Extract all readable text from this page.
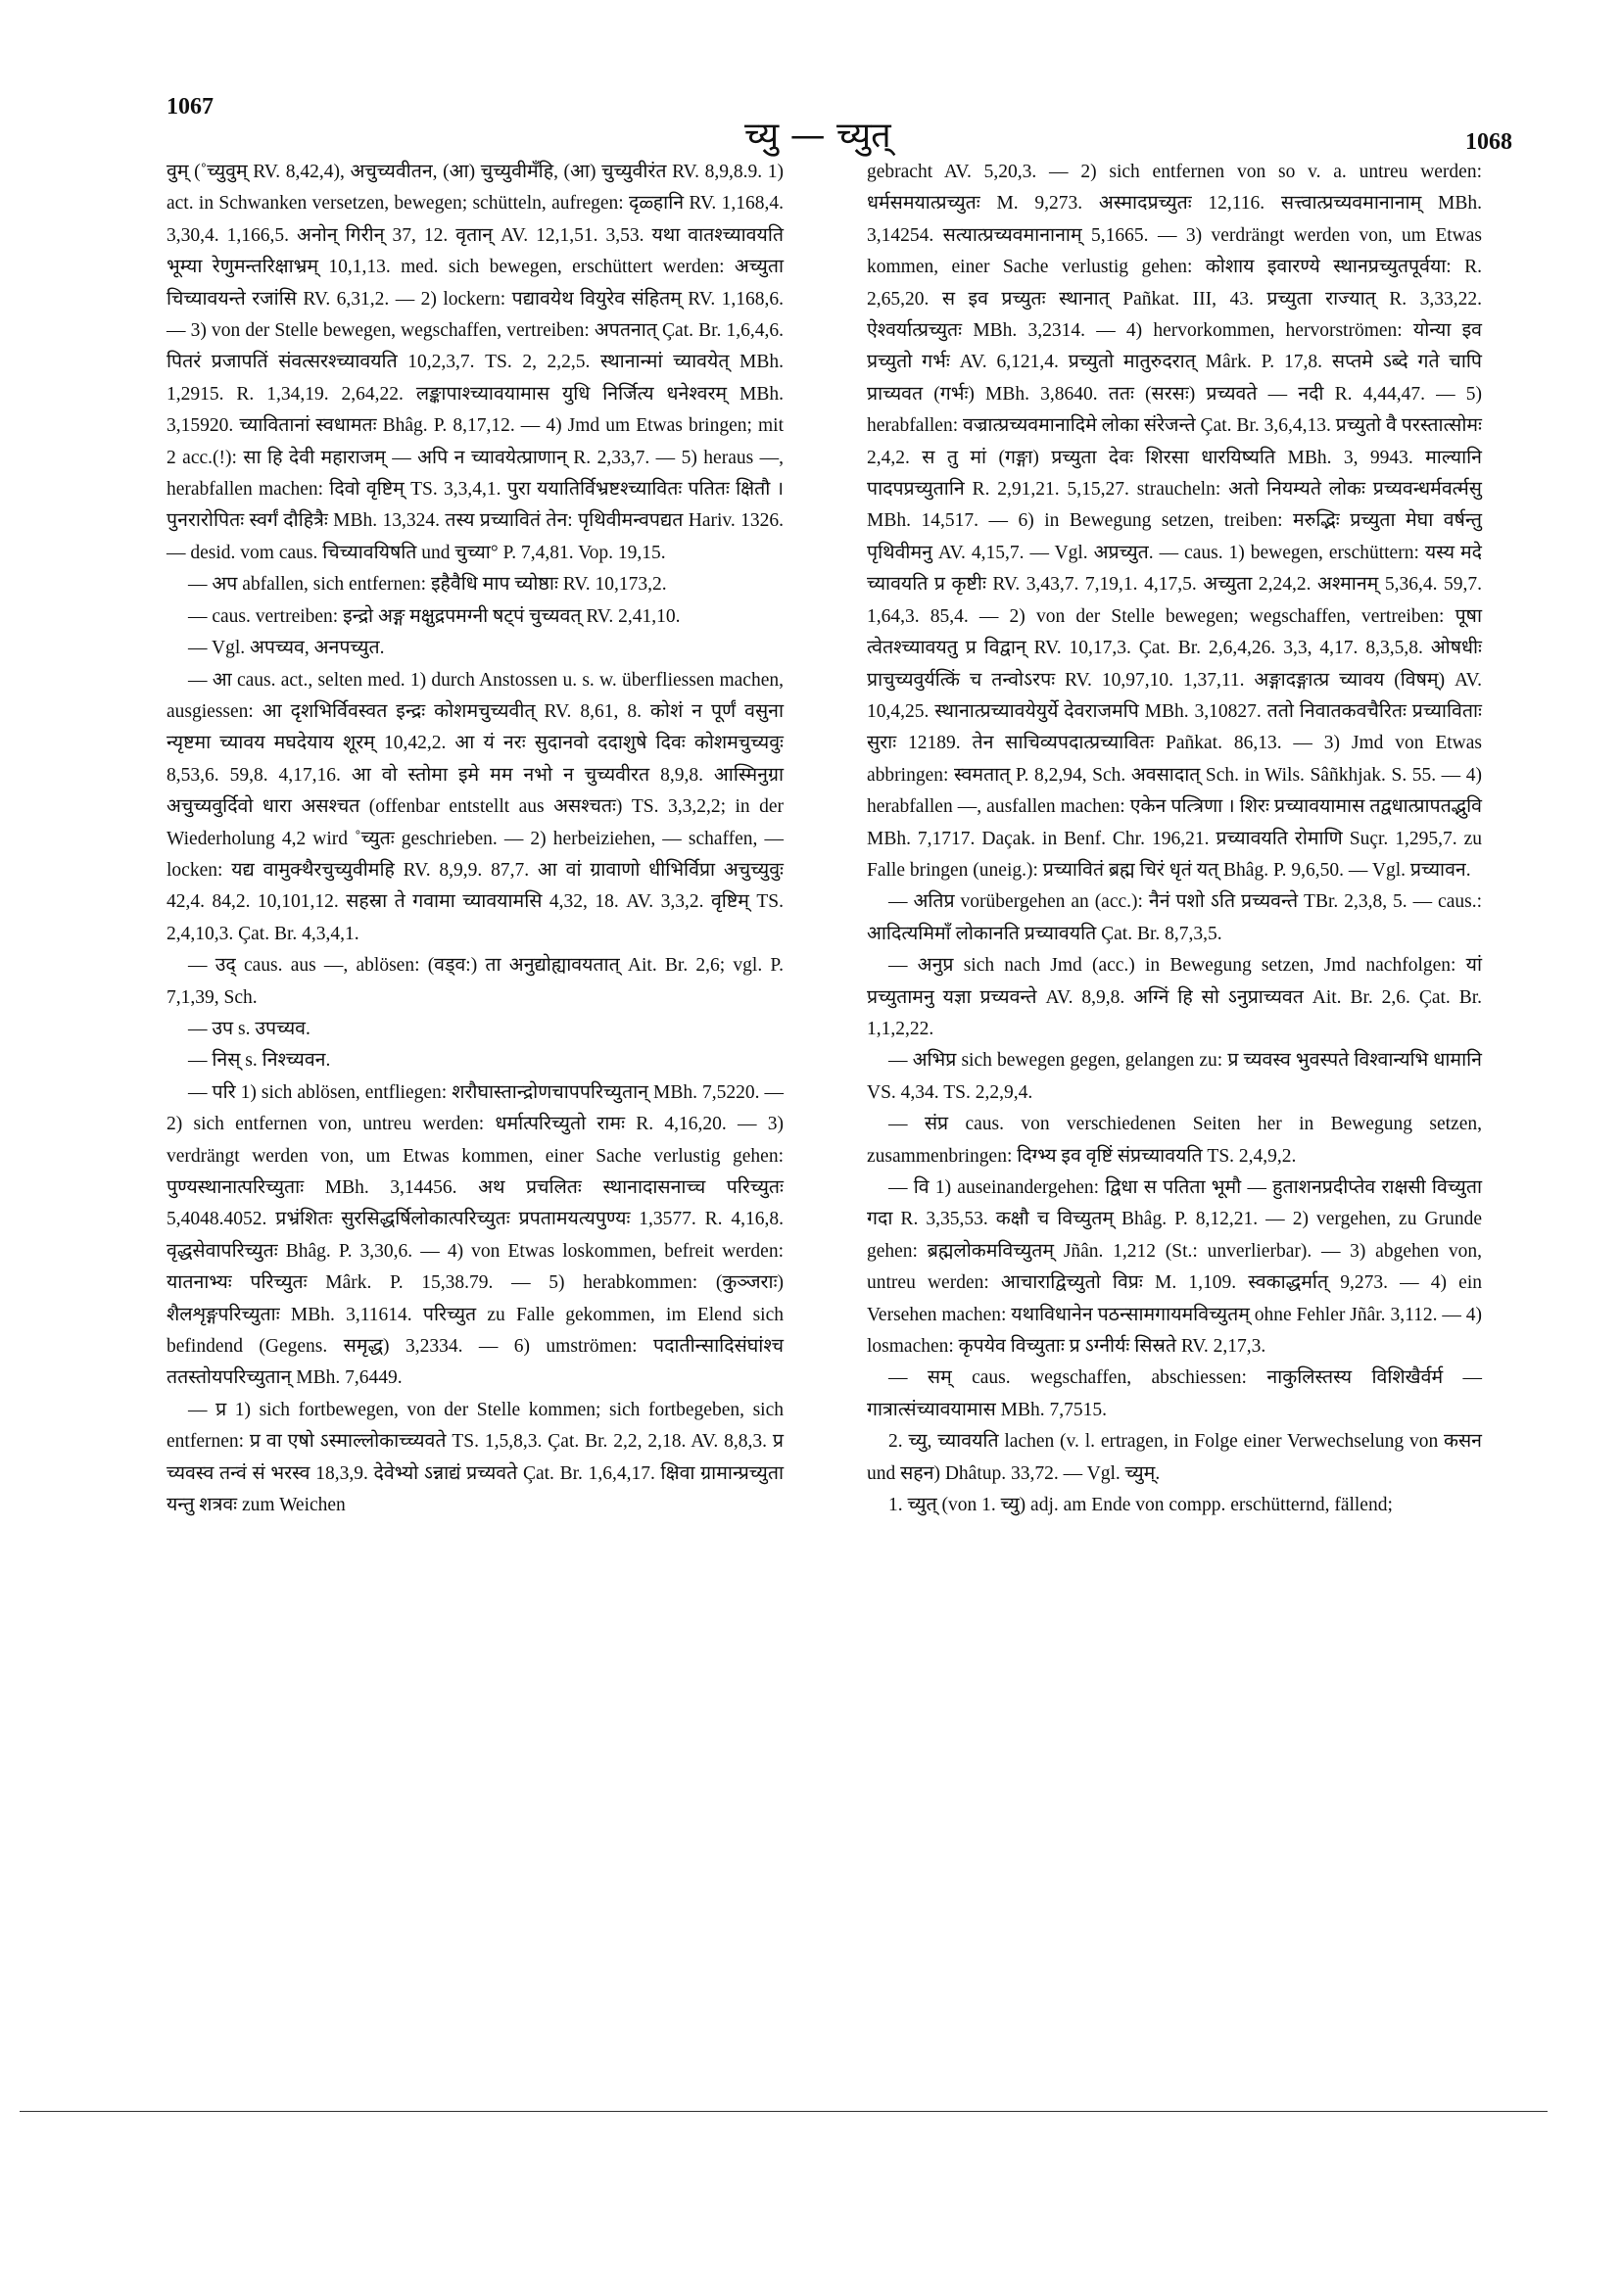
1067
च्यु — च्युत्	1068

वुम् (˚च्युवुम् RV. 8,42,4), अचुच्यवीतन, (आ) चुच्युवीमँहि, (आ) चुच्युवीरंत RV. 8,9,8.9. 1) act. in Schwanken versetzen, bewegen; schütteln, aufregen: दृळ्हानि RV. 1,168,4. 3,30,4. 1,166,5. अनोन् गिरीन् 37, 12. वृतान् AV. 12,1,51. 3,53. यथा वातश्च्यावयति भूम्या रेणुमन्तरिक्षाभ्रम् 10,1,13. med. sich bewegen, erschüttert werden: अच्युता चिच्यावयन्ते रजांसि RV. 6,31,2. — 2) lockern: पद्यावयेथ वियुरेव संहितम् RV. 1,168,6. — 3) von der Stelle bewegen, wegschaffen, vertreiben: अपतनात् Çat. Br. 1,6,4,6. पितरं प्रजापतिं संवत्सरश्च्यावयति 10,2,3,7. TS. 2, 2,2,5. स्थानान्मां च्यावयेत् MBh. 1,2915. R. 1,34,19. 2,64,22. लङ्कापाश्च्यावयामास युधि निर्जित्य धनेश्वरम् MBh. 3,15920. च्यावितानां स्वधामतः Bhâg. P. 8,17,12. — 4) Jmd um Etwas bringen; mit 2 acc.(!): सा हि देवी महाराजम् — अपि न च्यावयेत्प्राणान् R. 2,33,7. — 5) heraus —, herabfallen machen: दिवो वृष्टिम् TS. 3,3,4,1. पुरा ययातिर्विभ्रष्टश्च्यावितः पतितः क्षितौ । पुनरारोपितः स्वर्गं दौहित्रैः MBh. 13,324. तस्य प्रच्यावितं तेन: पृथिवीमन्वपद्यत Hariv. 1326. — desid. vom caus. चिच्यावयिषति und चुच्या° P. 7,4,81. Vop. 19,15.

— अप abfallen, sich entfernen: इहैवैधि माप च्योष्ठाः RV. 10,173,2.

— caus. vertreiben: इन्द्रो अङ्ग मक्षुद्रपमग्नी षट्पं चुच्यवत् RV. 2,41,10.

— Vgl. अपच्यव, अनपच्युत.

— आ caus. act., selten med. 1) durch Anstossen u. s. w. überfliessen machen, ausgiessen: आ दृशभिर्विवस्वत इन्द्रः कोशमचुच्यवीत् RV. 8,61, 8. कोशं न पूर्णं वसुना न्यृष्टमा च्यावय मघदेयाय शूरम् 10,42,2. आ यं नरः सुदानवो ददाशुषे दिवः कोशमचुच्यवुः 8,53,6. 59,8. 4,17,16. आ वो स्तोमा इमे मम नभो न चुच्यवीरत 8,9,8. आस्मिनुग्रा अचुच्यवुर्दिवो धारा असश्चत (offenbar entstellt aus असश्चतः) TS. 3,3,2,2; in der Wiederholung 4,2 wird ˚च्युतः geschrieben. — 2) herbeiziehen, — schaffen, — locken: यद्य वामुक्थैरचुच्युवीमहि RV. 8,9,9. 87,7. आ वां ग्रावाणो धीभिर्विप्रा अचुच्युवुः 42,4. 84,2. 10,101,12. सहस्रा ते गवामा च्यावयामसि 4,32, 18. AV. 3,3,2. वृष्टिम् TS. 2,4,10,3. Çat. Br. 4,3,4,1.

— उद् caus. aus —, ablösen: (वड्व:) ता अनुद्योह्यावयतात् Ait. Br. 2,6; vgl. P. 7,1,39, Sch.

— उप s. उपच्यव.

— निस् s. निश्च्यवन.

— परि 1) sich ablösen, entfliegen: शरौघास्तान्द्रोणचापपरिच्युतान् MBh. 7,5220. — 2) sich entfernen von, untreu werden: धर्मात्परिच्युतो रामः R. 4,16,20. — 3) verdrängt werden von, um Etwas kommen, einer Sache verlustig gehen: पुण्यस्थानात्परिच्युताः MBh. 3,14456. अथ प्रचलितः स्थानादासनाच्च परिच्युतः 5,4048.4052. प्रभ्रंशितः सुरसिद्धर्षिलोकात्परिच्युतः प्रपतामयत्यपुण्यः 1,3577. R. 4,16,8. वृद्धसेवापरिच्युतः Bhâg. P. 3,30,6. — 4) von Etwas loskommen, befreit werden: यातनाभ्यः परिच्युतः Mârk. P. 15,38.79. — 5) herabkommen: (कुञ्जराः) शैलशृङ्गपरिच्युताः MBh. 3,11614. परिच्युत zu Falle gekommen, im Elend sich befindend (Gegens. समृद्ध) 3,2334. — 6) umströmen: पदातीन्सादिसंघांश्च ततस्तोयपरिच्युतान् MBh. 7,6449.

— प्र 1) sich fortbewegen, von der Stelle kommen; sich fortbegeben, sich entfernen: प्र वा एषो ऽस्माल्लोकाच्च्यवते TS. 1,5,8,3. Çat. Br. 2,2, 2,18. AV. 8,8,3. प्र च्यवस्व तन्वं सं भरस्व 18,3,9. देवेभ्यो ऽन्नाद्यं प्रच्यवते Çat. Br. 1,6,4,17. क्षिवा ग्रामान्प्रच्युता यन्तु शत्रवः zum Weichen

gebracht AV. 5,20,3. — 2) sich entfernen von so v. a. untreu werden: धर्मसमयात्प्रच्युतः M. 9,273. अस्मादप्रच्युतः 12,116. सत्त्वात्प्रच्यवमानानाम् MBh. 3,14254. सत्यात्प्रच्यवमानानाम् 5,1665. — 3) verdrängt werden von, um Etwas kommen, einer Sache verlustig gehen: कोशाय इवारण्ये स्थानप्रच्युतपूर्वया: R. 2,65,20. स इव प्रच्युतः स्थानात् Pañkat. III, 43. प्रच्युता राज्यात् R. 3,33,22. ऐश्वर्यात्प्रच्युतः MBh. 3,2314. — 4) hervorkommen, hervorströmen: योन्या इव प्रच्युतो गर्भः AV. 6,121,4. प्रच्युतो मातुरुदरात् Mârk. P. 17,8. सप्तमे ऽब्दे गते चापि प्राच्यवत (गर्भः) MBh. 3,8640. ततः (सरसः) प्रच्यवते — नदी R. 4,44,47. — 5) herabfallen: वज्रात्प्रच्यवमानादिमे लोका संरेजन्ते Çat. Br. 3,6,4,13. प्रच्युतो वै परस्तात्सोमः 2,4,2. स तु मां (गङ्गा) प्रच्युता देवः शिरसा धारयिष्यति MBh. 3, 9943. माल्यानि पादपप्रच्युतानि R. 2,91,21. 5,15,27. straucheln: अतो नियम्यते लोकः प्रच्यवन्धर्मवर्त्मसु MBh. 14,517. — 6) in Bewegung setzen, treiben: मरुद्भिः प्रच्युता मेघा वर्षन्तु पृथिवीमनु AV. 4,15,7. — Vgl. अप्रच्युत. — caus. 1) bewegen, erschüttern: यस्य मदे च्यावयति प्र कृष्टीः RV. 3,43,7. 7,19,1. 4,17,5. अच्युता 2,24,2. अश्मानम् 5,36,4. 59,7. 1,64,3. 85,4. — 2) von der Stelle bewegen; wegschaffen, vertreiben: पूषा त्वेतश्च्यावयतु प्र विद्वान् RV. 10,17,3. Çat. Br. 2,6,4,26. 3,3, 4,17. 8,3,5,8. ओषधीः प्राचुच्यवुर्यत्किं च तन्वोऽरपः RV. 10,97,10. 1,37,11. अङ्गादङ्गात्प्र च्यावय (विषम्) AV. 10,4,25. स्थानात्प्रच्यावयेयुर्ये देवराजमपि MBh. 3,10827. ततो निवातकवचैरितः प्रच्याविताः सुराः 12189. तेन साचिव्यपदात्प्रच्यावितः Pañkat. 86,13. — 3) Jmd von Etwas abbringen: स्वमतात् P. 8,2,94, Sch. अवसादात् Sch. in Wils. Sâñkhjak. S. 55. — 4) herabfallen —, ausfallen machen: एकेन पत्त्रिणा । शिरः प्रच्यावयामास तद्वधात्प्रापतद्भुवि MBh. 7,1717. Daçak. in Benf. Chr. 196,21. प्रच्यावयति रोमाणि Suçr. 1,295,7. zu Falle bringen (uneig.): प्रच्यावितं ब्रह्म चिरं धृतं यत् Bhâg. P. 9,6,50. — Vgl. प्रच्यावन.

— अतिप्र vorübergehen an (acc.): नैनं पशो ऽति प्रच्यवन्ते TBr. 2,3,8, 5. — caus.: आदित्यमिमाँ लोकानति प्रच्यावयति Çat. Br. 8,7,3,5.

— अनुप्र sich nach Jmd (acc.) in Bewegung setzen, Jmd nachfolgen: यां प्रच्युतामनु यज्ञा प्रच्यवन्ते AV. 8,9,8. अग्निं हि सो ऽनुप्राच्यवत Ait. Br. 2,6. Çat. Br. 1,1,2,22.

— अभिप्र sich bewegen gegen, gelangen zu: प्र च्यवस्व भुवस्पते विश्वान्यभि धामानि VS. 4,34. TS. 2,2,9,4.

— संप्र caus. von verschiedenen Seiten her in Bewegung setzen, zusammenbringen: दिग्भ्य इव वृष्टिं संप्रच्यावयति TS. 2,4,9,2.

— वि 1) auseinandergehen: द्विधा स पतिता भूमौ — हुताशनप्रदीप्तेव राक्षसी विच्युता गदा R. 3,35,53. कक्षौ च विच्युतम् Bhâg. P. 8,12,21. — 2) vergehen, zu Grunde gehen: ब्रह्मलोकमविच्युतम् Jñân. 1,212 (St.: unverlierbar). — 3) abgehen von, untreu werden: आचाराद्विच्युतो विप्रः M. 1,109. स्वकाद्धर्मात् 9,273. — 4) ein Versehen machen: यथाविधानेन पठन्सामगायमविच्युतम् ohne Fehler Jñâr. 3,112. — 4) losmachen: कृपयेव विच्युताः प्र ऽग्नीर्यः सिस्रते RV. 2,17,3.

— सम् caus. wegschaffen, abschiessen: नाकुलिस्तस्य विशिखैर्वर्म — गात्रात्संच्यावयामास MBh. 7,7515.

2. च्यु, च्यावयति lachen (v. l. ertragen, in Folge einer Verwechselung von कसन und सहन) Dhâtup. 33,72. — Vgl. च्युम्.

1. च्युत् (von 1. च्यु) adj. am Ende von compp. erschütternd, fällend;
